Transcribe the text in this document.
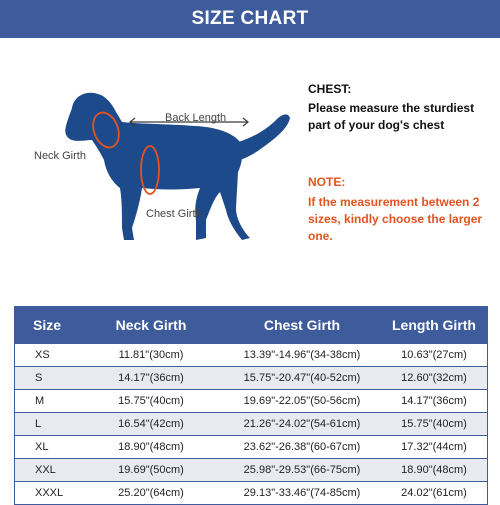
SIZE CHART
Back Length
Neck Girth
Chest Girth
CHEST:
Please measure the sturdiest part of your dog's chest
NOTE:
If the measurement between 2 sizes, kindly choose the larger one.
Size	Neck Girth	Chest Girth	Length Girth
XS	11.81"(30cm)	13.39"-14.96"(34-38cm)	10.63"(27cm)
S	14.17"(36cm)	15.75"-20.47"(40-52cm)	12.60"(32cm)
M	15.75"(40cm)	19.69"-22.05"(50-56cm)	14.17"(36cm)
L	16.54"(42cm)	21.26"-24.02"(54-61cm)	15.75"(40cm)
XL	18.90"(48cm)	23.62"-26.38"(60-67cm)	17.32"(44cm)
XXL	19.69"(50cm)	25.98"-29.53"(66-75cm)	18.90"(48cm)
XXXL	25.20"(64cm)	29.13"-33.46"(74-85cm)	24.02"(61cm)
